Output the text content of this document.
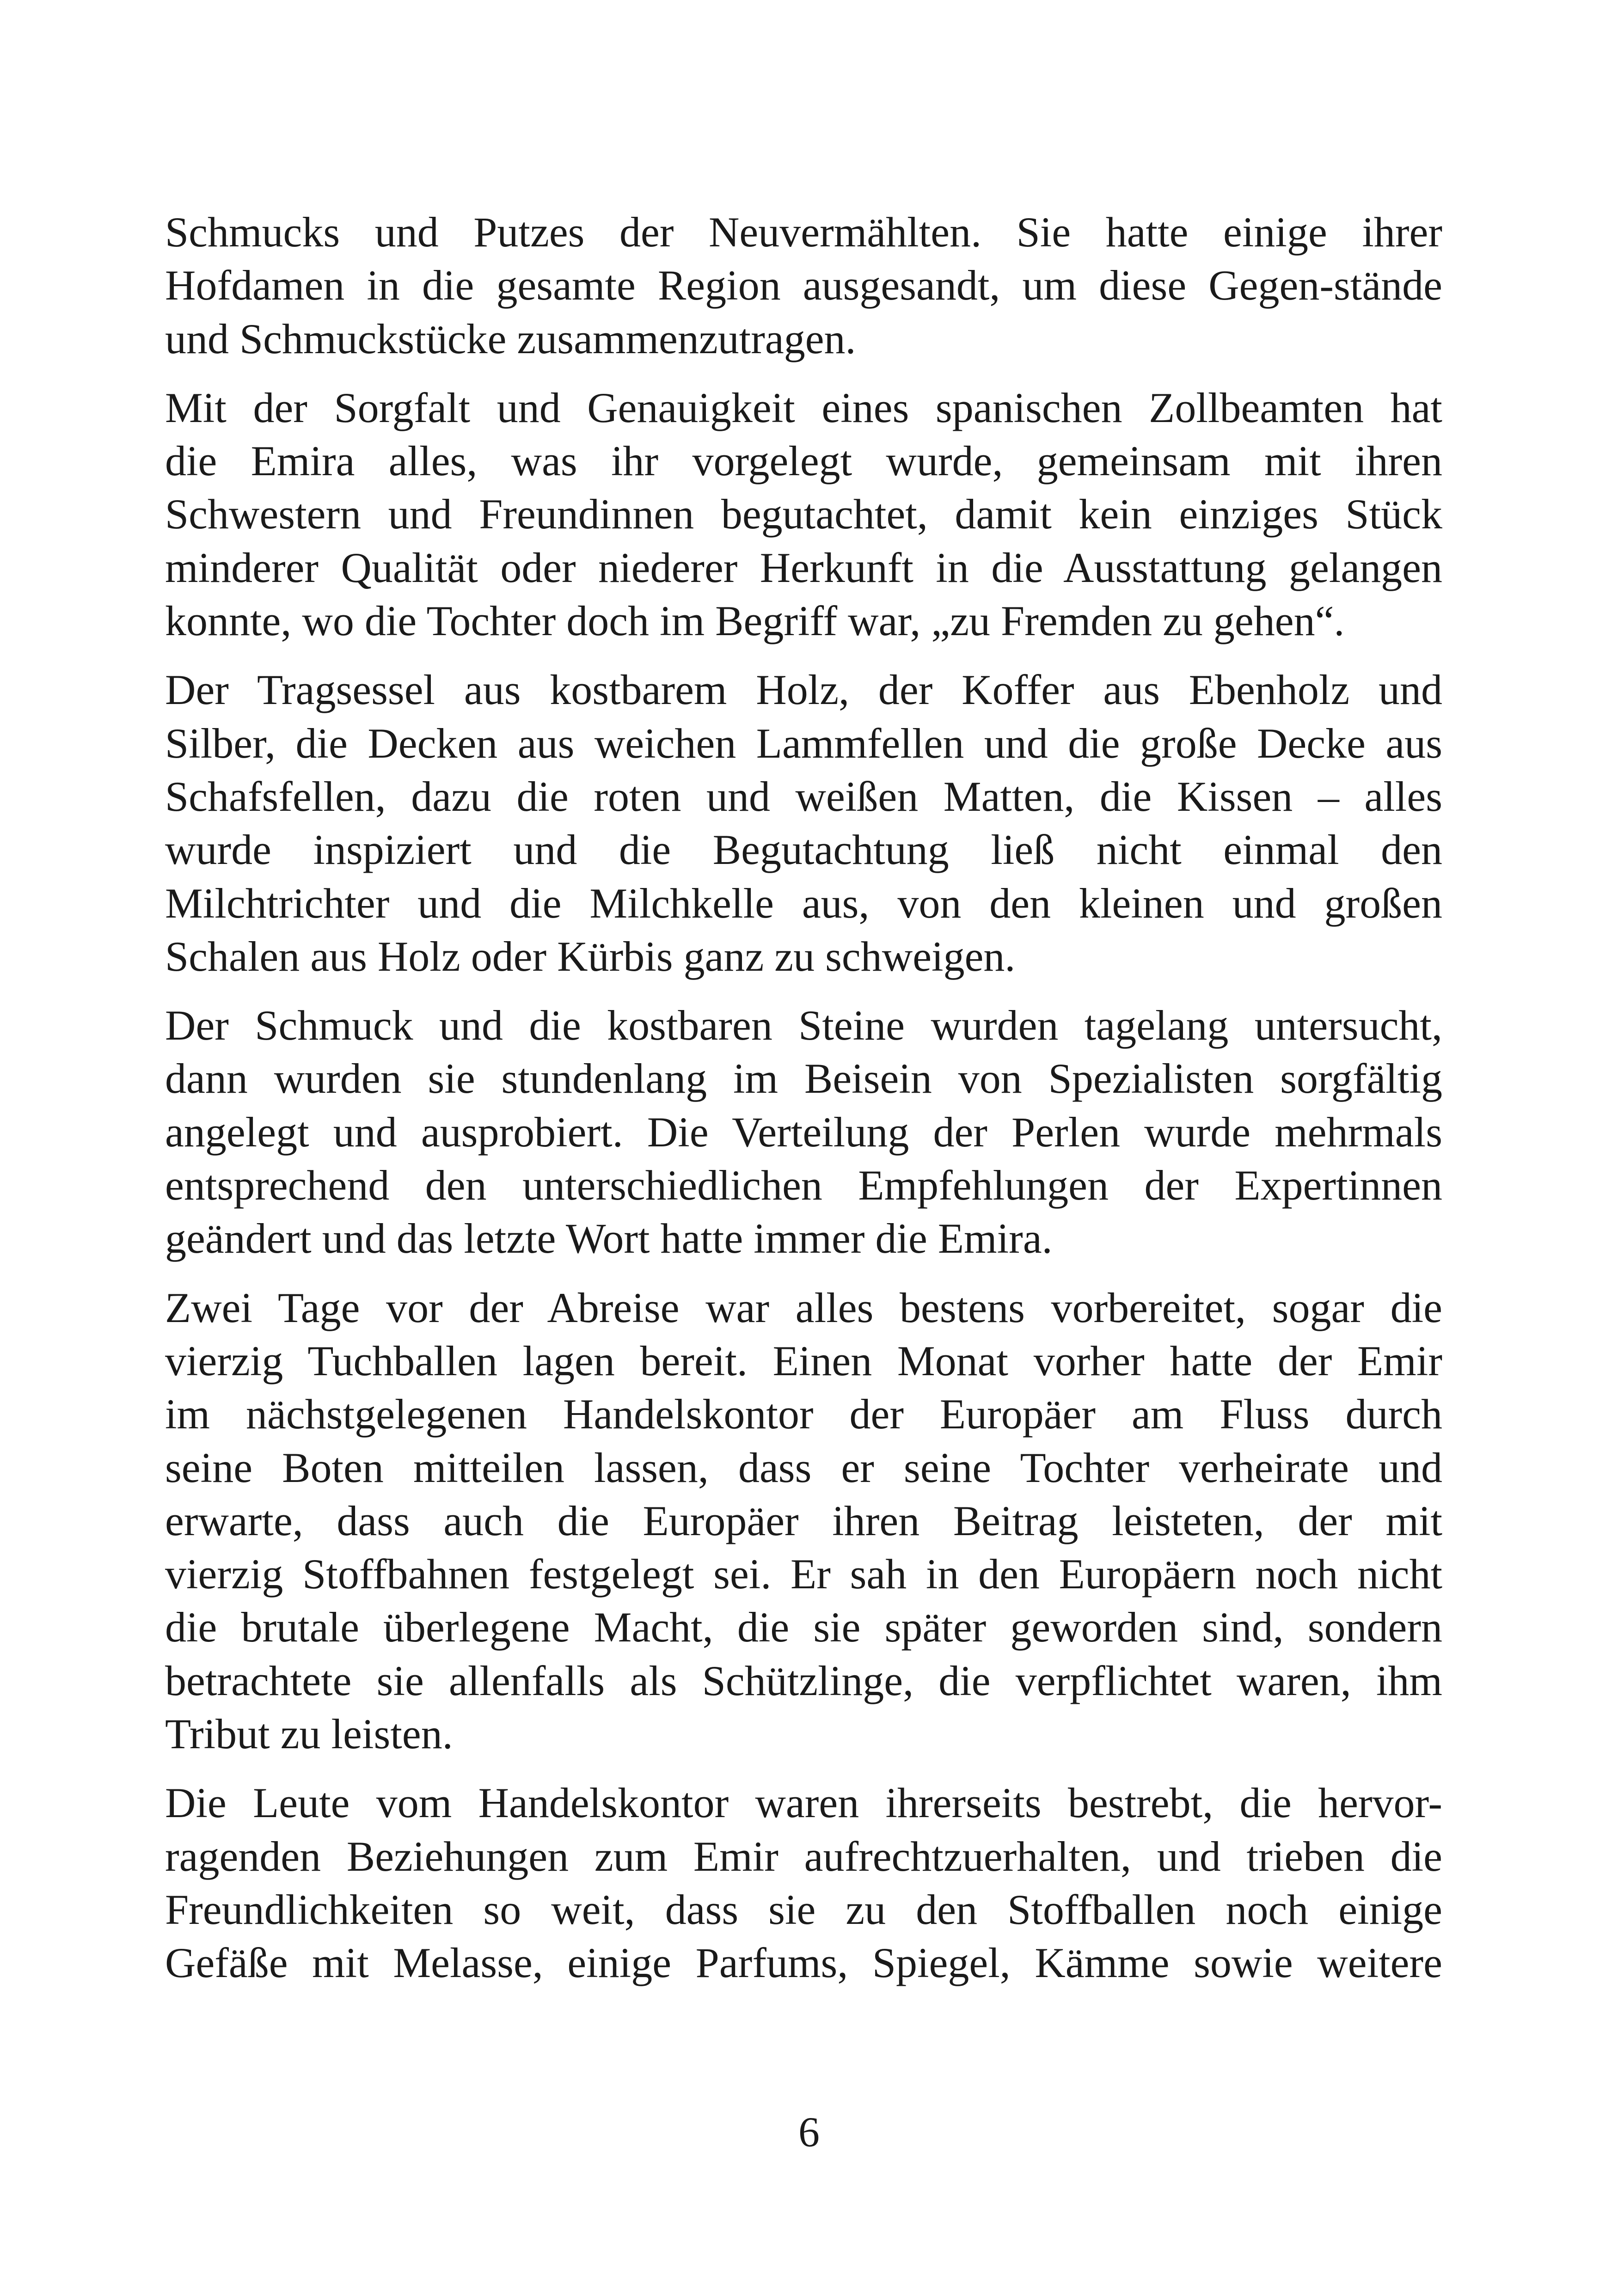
Schmucks und Putzes der Neuvermählten. Sie hatte einige ihrer
Hofdamen in die gesamte Region ausgesandt, um diese Gegen-stände
und Schmuckstücke zusammenzutragen.
Mit der Sorgfalt und Genauigkeit eines spanischen Zollbeamten hat
die Emira alles, was ihr vorgelegt wurde, gemeinsam mit ihren
Schwestern und Freundinnen begutachtet, damit kein einziges Stück
minderer Qualität oder niederer Herkunft in die Ausstattung gelangen
konnte, wo die Tochter doch im Begriff war, „zu Fremden zu gehen“.
Der Tragsessel aus kostbarem Holz, der Koffer aus Ebenholz und
Silber, die Decken aus weichen Lammfellen und die große Decke aus
Schafsfellen, dazu die roten und weißen Matten, die Kissen – alles
wurde inspiziert und die Begutachtung ließ nicht einmal den
Milchtrichter und die Milchkelle aus, von den kleinen und großen
Schalen aus Holz oder Kürbis ganz zu schweigen.
Der Schmuck und die kostbaren Steine wurden tagelang untersucht,
dann wurden sie stundenlang im Beisein von Spezialisten sorgfältig
angelegt und ausprobiert. Die Verteilung der Perlen wurde mehrmals
entsprechend den unterschiedlichen Empfehlungen der Expertinnen
geändert und das letzte Wort hatte immer die Emira.
Zwei Tage vor der Abreise war alles bestens vorbereitet, sogar die
vierzig Tuchballen lagen bereit. Einen Monat vorher hatte der Emir
im nächstgelegenen Handelskontor der Europäer am Fluss durch
seine Boten mitteilen lassen, dass er seine Tochter verheirate und
erwarte, dass auch die Europäer ihren Beitrag leisteten, der mit
vierzig Stoffbahnen festgelegt sei. Er sah in den Europäern noch nicht
die brutale überlegene Macht, die sie später geworden sind, sondern
betrachtete sie allenfalls als Schützlinge, die verpflichtet waren, ihm
Tribut zu leisten.
Die Leute vom Handelskontor waren ihrerseits bestrebt, die hervor-
ragenden Beziehungen zum Emir aufrechtzuerhalten, und trieben die
Freundlichkeiten so weit, dass sie zu den Stoffballen noch einige
Gefäße mit Melasse, einige Parfums, Spiegel, Kämme sowie weitere
6
